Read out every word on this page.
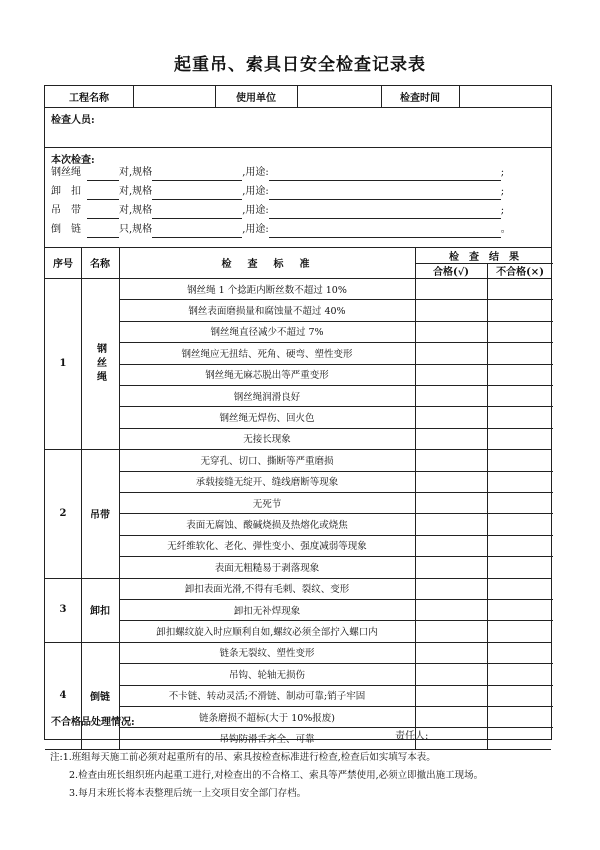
起重吊、索具日安全检查记录表
工程名称	使用单位	检查时间
检查人员:
本次检查:
钢丝绳	对,规格	,用途:	;
卸　扣	对,规格	,用途:	;
吊　带	对,规格	,用途:	;
倒　链	只,规格	,用途:	。
序号	名称	检　查　标　准
检　查　结　果
合格(√)	不合格(×)
1	钢丝绳
钢丝绳 1 个捻距内断丝数不超过 10%
钢丝表面磨损量和腐蚀量不超过 40%
钢丝绳直径减少不超过 7%
钢丝绳应无扭结、死角、硬弯、塑性变形
钢丝绳无麻芯脱出等严重变形
钢丝绳润滑良好
钢丝绳无焊伤、回火色
无接长现象
2	吊带
无穿孔、切口、撕断等严重磨损
承载接缝无绽开、缝线磨断等现象
无死节
表面无腐蚀、酸碱烧损及热熔化或烧焦
无纤维软化、老化、弹性变小、强度减弱等现象
表面无粗糙易于剥落现象
3	卸扣
卸扣表面光滑,不得有毛刺、裂纹、变形
卸扣无补焊现象
卸扣螺纹旋入时应顺利自如,螺纹必须全部拧入螺口内
4	倒链
链条无裂纹、塑性变形
吊钩、轮轴无损伤
不卡链、转动灵活;不滑链、制动可靠;销子牢固
链条磨损不超标(大于 10%报废)
吊钩防滑舌齐全、可靠
不合格品处理情况:
责任人:
注:1.班组每天施工前必须对起重所有的吊、索具按检查标准进行检查,检查后如实填写本表。
2.检查由班长组织班内起重工进行,对检查出的不合格工、索具等严禁使用,必须立即撤出施工现场。
3.每月末班长将本表整理后统一上交项目安全部门存档。
